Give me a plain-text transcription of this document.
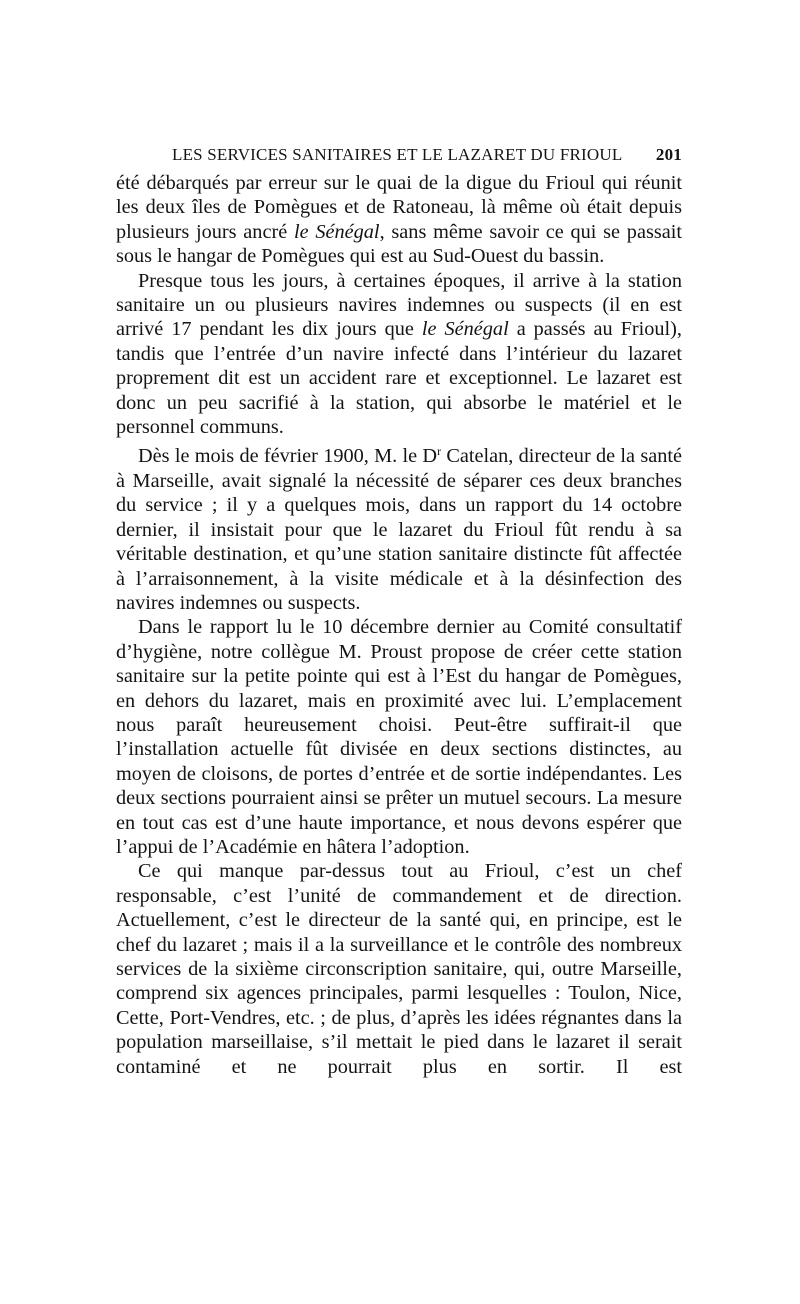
LES SERVICES SANITAIRES ET LE LAZARET DU FRIOUL 201

été débarqués par erreur sur le quai de la digue du Frioul qui réunit les deux îles de Pomègues et de Ratoneau, là même où était depuis plusieurs jours ancré le Sénégal, sans même savoir ce qui se passait sous le hangar de Pomègues qui est au Sud-Ouest du bassin.

Presque tous les jours, à certaines époques, il arrive à la station sanitaire un ou plusieurs navires indemnes ou suspects (il en est arrivé 17 pendant les dix jours que le Sénégal a passés au Frioul), tandis que l’entrée d’un navire infecté dans l’intérieur du lazaret proprement dit est un accident rare et exceptionnel. Le lazaret est donc un peu sacrifié à la station, qui absorbe le matériel et le personnel communs.

Dès le mois de février 1900, M. le $D^r$ Catelan, directeur de la santé à Marseille, avait signalé la nécessité de séparer ces deux branches du service ; il y a quelques mois, dans un rapport du 14 octobre dernier, il insistait pour que le lazaret du Frioul fût rendu à sa véritable destination, et qu’une station sanitaire distincte fût affectée à l’arraisonnement, à la visite médicale et à la désinfection des navires indemnes ou suspects.

Dans le rapport lu le 10 décembre dernier au Comité consultatif d’hygiène, notre collègue M. Proust propose de créer cette station sanitaire sur la petite pointe qui est à l’Est du hangar de Pomègues, en dehors du lazaret, mais en proximité avec lui. L’emplacement nous paraît heureusement choisi. Peut-être suffirait-il que l’installation actuelle fût divisée en deux sections distinctes, au moyen de cloisons, de portes d’entrée et de sortie indépendantes. Les deux sections pourraient ainsi se prêter un mutuel secours. La mesure en tout cas est d’une haute importance, et nous devons espérer que l’appui de l’Académie en hâtera l’adoption.

Ce qui manque par-dessus tout au Frioul, c’est un chef responsable, c’est l’unité de commandement et de direction. Actuellement, c’est le directeur de la santé qui, en principe, est le chef du lazaret ; mais il a la surveillance et le contrôle des nombreux services de la sixième circonscription sanitaire, qui, outre Marseille, comprend six agences principales, parmi lesquelles : Toulon, Nice, Cette, Port-Vendres, etc. ; de plus, d’après les idées régnantes dans la population marseillaise, s’il mettait le pied dans le lazaret il serait contaminé et ne pourrait plus en sortir. Il est
